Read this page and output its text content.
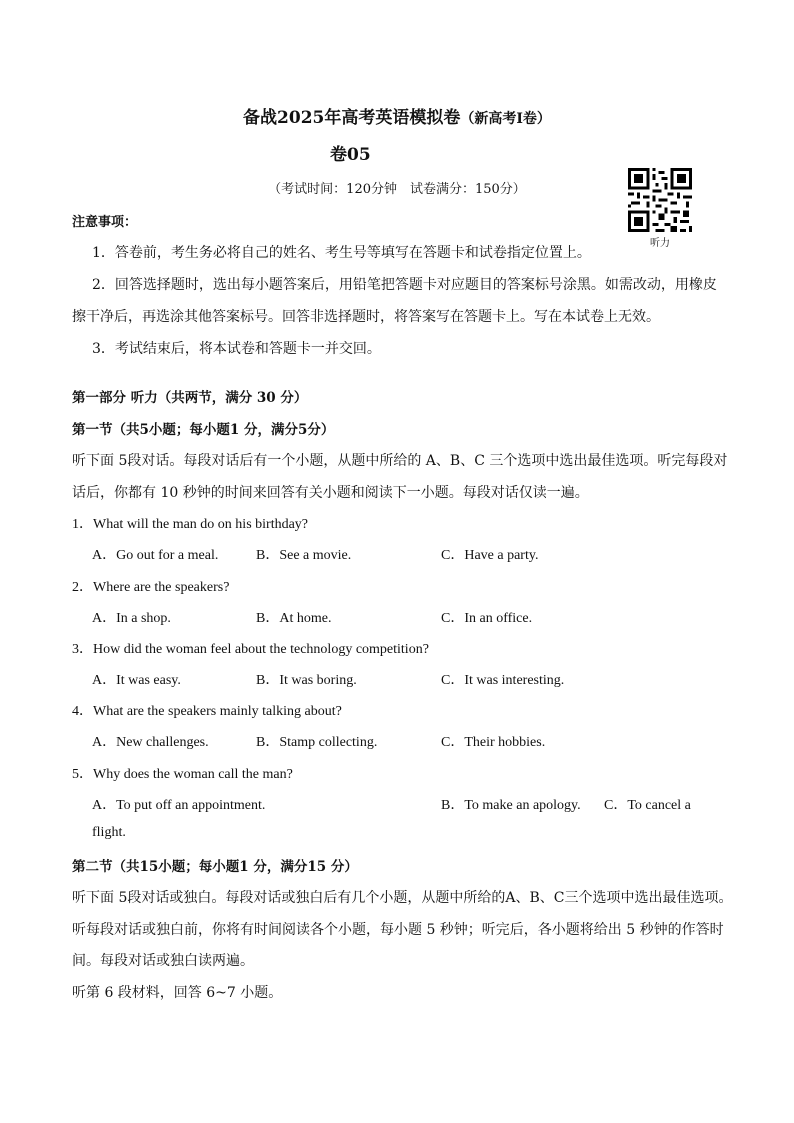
备战2025年高考英语模拟卷（新高考I卷）
卷05
（考试时间：120分钟　试卷满分：150分）
听力
注意事项：
1．答卷前，考生务必将自己的姓名、考生号等填写在答题卡和试卷指定位置上。
2．回答选择题时，选出每小题答案后，用铅笔把答题卡对应题目的答案标号涂黑。如需改动，用橡皮
擦干净后，再选涂其他答案标号。回答非选择题时，将答案写在答题卡上。写在本试卷上无效。
3．考试结束后，将本试卷和答题卡一并交回。
第一部分 听力（共两节，满分 30 分）
第一节（共5小题；每小题1 分，满分5分）
听下面 5段对话。每段对话后有一个小题，从题中所给的 A、B、C 三个选项中选出最佳选项。听完每段对
话后，你都有 10 秒钟的时间来回答有关小题和阅读下一小题。每段对话仅读一遍。
1．What will the man do on his birthday?
A．Go out for a meal.	B．See a movie.	C．Have a party.
2．Where are the speakers?
A．In a shop.	B．At home.	C．In an office.
3．How did the woman feel about the technology competition?
A．It was easy.	B．It was boring.	C．It was interesting.
4．What are the speakers mainly talking about?
A．New challenges.	B．Stamp collecting.	C．Their hobbies.
5．Why does the woman call the man?
A．To put off an appointment.	B．To make an apology. C．To cancel a
flight.
第二节（共15小题；每小题1 分，满分15 分）
听下面 5段对话或独白。每段对话或独白后有几个小题，从题中所给的A、B、C三个选项中选出最佳选项。
听每段对话或独白前，你将有时间阅读各个小题，每小题 5 秒钟；听完后，各小题将给出 5 秒钟的作答时
间。每段对话或独白读两遍。
听第 6 段材料，回答 6~7 小题。
